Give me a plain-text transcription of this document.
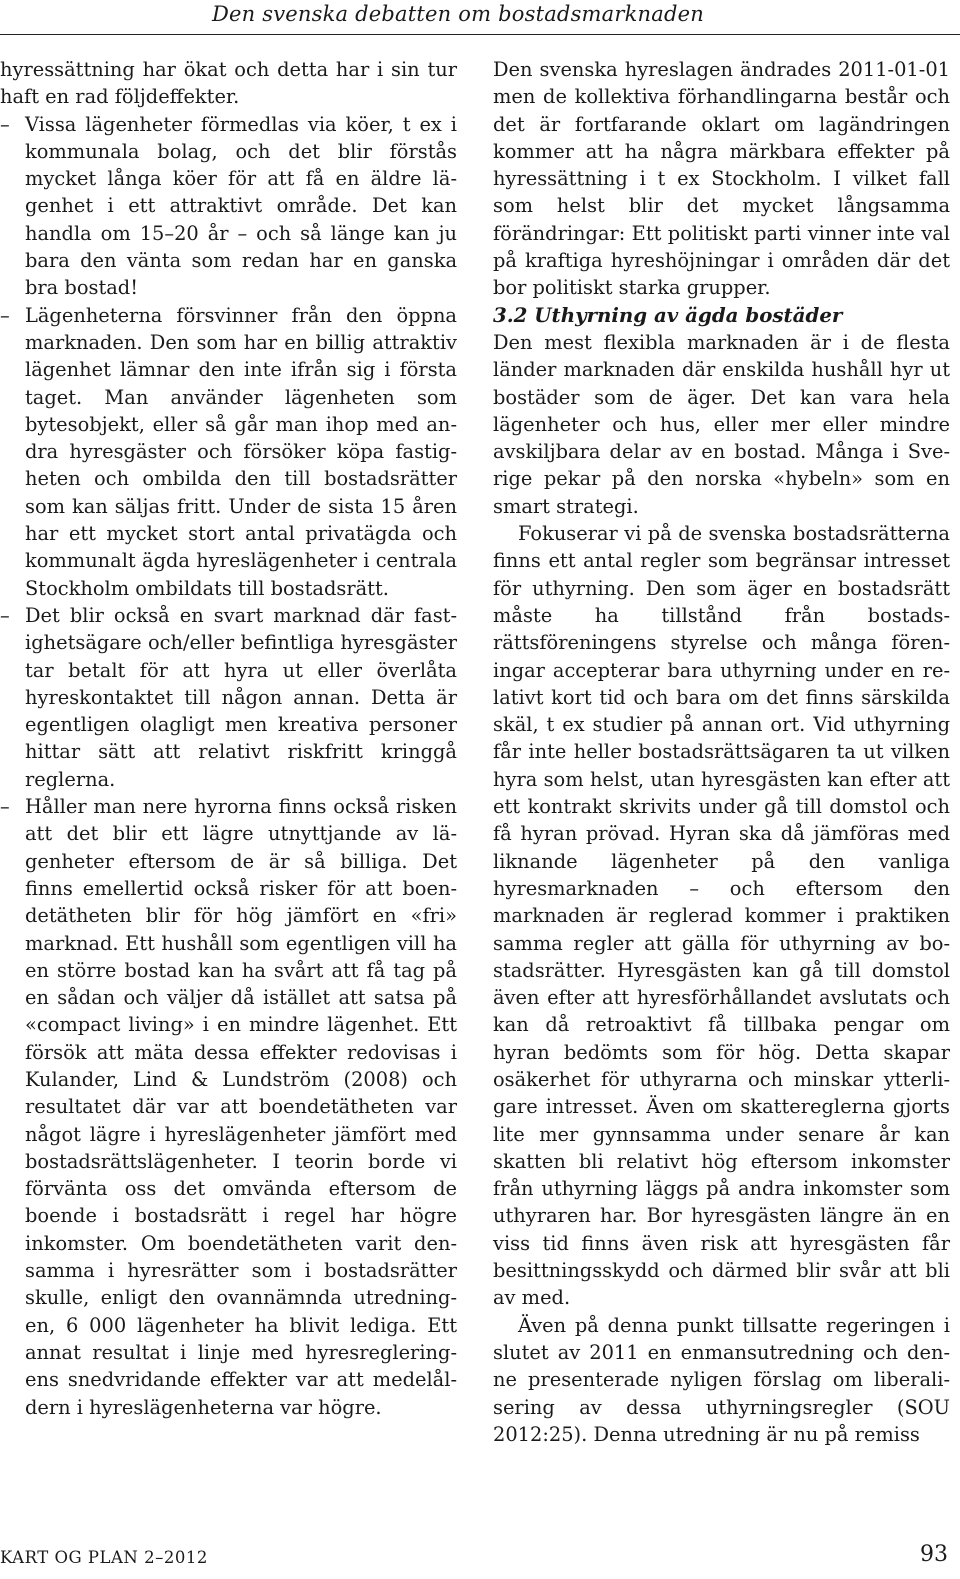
Den svenska debatten om bostadsmarknaden

hyressättning har ökat och detta har i sin tur haft en rad följdeffekter.

– Vissa lägenheter förmedlas via köer, t ex i kommunala bolag, och det blir förstås mycket långa köer för att få en äldre lägenhet i ett attraktivt område. Det kan handla om 15–20 år – och så länge kan ju bara den vänta som redan har en ganska bra bostad!
– Lägenheterna försvinner från den öppna marknaden. Den som har en billig attraktiv lägenhet lämnar den inte ifrån sig i första taget. Man använder lägenheten som bytesobjekt, eller så går man ihop med andra hyresgäster och försöker köpa fastigheten och ombilda den till bostadsrätter som kan säljas fritt. Under de sista 15 åren har ett mycket stort antal privatägda och kommunalt ägda hyreslägenheter i centrala Stockholm ombildats till bostadsrätt.
– Det blir också en svart marknad där fastighetsägare och/eller befintliga hyresgäster tar betalt för att hyra ut eller överlåta hyreskontaktet till någon annan. Detta är egentligen olagligt men kreativa personer hittar sätt att relativt riskfritt kringgå reglerna.
– Håller man nere hyrorna finns också risken att det blir ett lägre utnyttjande av lägenheter eftersom de är så billiga. Det finns emellertid också risker för att boendetätheten blir för hög jämfört en «fri» marknad. Ett hushåll som egentligen vill ha en större bostad kan ha svårt att få tag på en sådan och väljer då istället att satsa på «compact living» i en mindre lägenhet. Ett försök att mäta dessa effekter redovisas i Kulander, Lind & Lundström (2008) och resultatet där var att boendetätheten var något lägre i hyreslägenheter jämfört med bostadsrättslägenheter. I teorin borde vi förvänta oss det omvända eftersom de boende i bostadsrätt i regel har högre inkomster. Om boendetätheten varit densamma i hyresrätter som i bostadsrätter skulle, enligt den ovannämnda utredningen, 6 000 lägenheter ha blivit lediga. Ett annat resultat i linje med hyresregleringens snedvridande effekter var att medelåldern i hyreslägenheterna var högre.

Den svenska hyreslagen ändrades 2011-01-01 men de kollektiva förhandlingarna består och det är fortfarande oklart om lagändringen kommer att ha några märkbara effekter på hyressättning i t ex Stockholm. I vilket fall som helst blir det mycket långsamma förändringar: Ett politiskt parti vinner inte val på kraftiga hyreshöjningar i områden där det bor politiskt starka grupper.

3.2 Uthyrning av ägda bostäder

Den mest flexibla marknaden är i de flesta länder marknaden där enskilda hushåll hyr ut bostäder som de äger. Det kan vara hela lägenheter och hus, eller mer eller mindre avskiljbara delar av en bostad. Många i Sverige pekar på den norska «hybeln» som en smart strategi.

Fokuserar vi på de svenska bostadsrätterna finns ett antal regler som begränsar intresset för uthyrning. Den som äger en bostadsrätt måste ha tillstånd från bostadsrättsföreningens styrelse och många föreningar accepterar bara uthyrning under en relativt kort tid och bara om det finns särskilda skäl, t ex studier på annan ort. Vid uthyrning får inte heller bostadsrättsägaren ta ut vilken hyra som helst, utan hyresgästen kan efter att ett kontrakt skrivits under gå till domstol och få hyran prövad. Hyran ska då jämföras med liknande lägenheter på den vanliga hyresmarknaden – och eftersom den marknaden är reglerad kommer i praktiken samma regler att gälla för uthyrning av bostadsrätter. Hyresgästen kan gå till domstol även efter att hyresförhållandet avslutats och kan då retroaktivt få tillbaka pengar om hyran bedömts som för hög. Detta skapar osäkerhet för uthyrarna och minskar ytterligare intresset. Även om skattereglerna gjorts lite mer gynnsamma under senare år kan skatten bli relativt hög eftersom inkomster från uthyrning läggs på andra inkomster som uthyraren har. Bor hyresgästen längre än en viss tid finns även risk att hyresgästen får besittningsskydd och därmed blir svår att bli av med.

Även på denna punkt tillsatte regeringen i slutet av 2011 en enmansutredning och denne presenterade nyligen förslag om liberalisering av dessa uthyrningsregler (SOU 2012:25). Denna utredning är nu på remiss

KART OG PLAN 2–2012	93
